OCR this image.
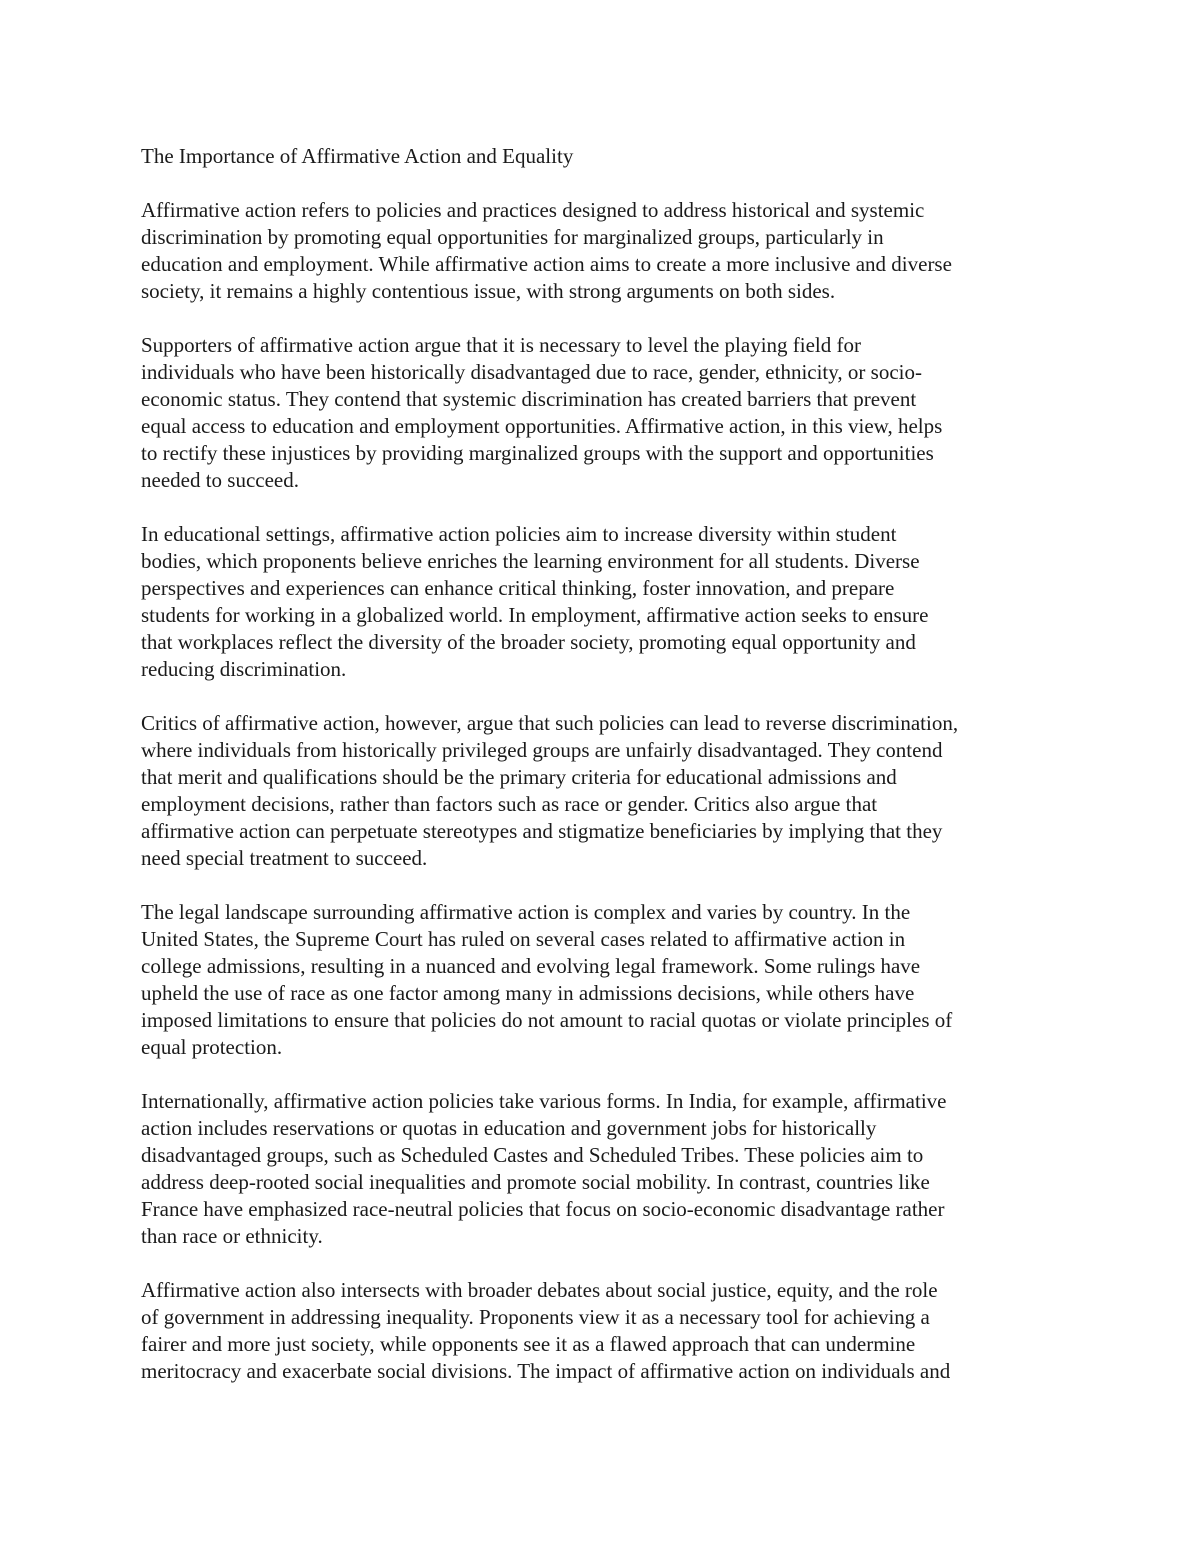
The Importance of Affirmative Action and Equality
Affirmative action refers to policies and practices designed to address historical and systemic
discrimination by promoting equal opportunities for marginalized groups, particularly in
education and employment. While affirmative action aims to create a more inclusive and diverse
society, it remains a highly contentious issue, with strong arguments on both sides.
Supporters of affirmative action argue that it is necessary to level the playing field for
individuals who have been historically disadvantaged due to race, gender, ethnicity, or socio-
economic status. They contend that systemic discrimination has created barriers that prevent
equal access to education and employment opportunities. Affirmative action, in this view, helps
to rectify these injustices by providing marginalized groups with the support and opportunities
needed to succeed.
In educational settings, affirmative action policies aim to increase diversity within student
bodies, which proponents believe enriches the learning environment for all students. Diverse
perspectives and experiences can enhance critical thinking, foster innovation, and prepare
students for working in a globalized world. In employment, affirmative action seeks to ensure
that workplaces reflect the diversity of the broader society, promoting equal opportunity and
reducing discrimination.
Critics of affirmative action, however, argue that such policies can lead to reverse discrimination,
where individuals from historically privileged groups are unfairly disadvantaged. They contend
that merit and qualifications should be the primary criteria for educational admissions and
employment decisions, rather than factors such as race or gender. Critics also argue that
affirmative action can perpetuate stereotypes and stigmatize beneficiaries by implying that they
need special treatment to succeed.
The legal landscape surrounding affirmative action is complex and varies by country. In the
United States, the Supreme Court has ruled on several cases related to affirmative action in
college admissions, resulting in a nuanced and evolving legal framework. Some rulings have
upheld the use of race as one factor among many in admissions decisions, while others have
imposed limitations to ensure that policies do not amount to racial quotas or violate principles of
equal protection.
Internationally, affirmative action policies take various forms. In India, for example, affirmative
action includes reservations or quotas in education and government jobs for historically
disadvantaged groups, such as Scheduled Castes and Scheduled Tribes. These policies aim to
address deep-rooted social inequalities and promote social mobility. In contrast, countries like
France have emphasized race-neutral policies that focus on socio-economic disadvantage rather
than race or ethnicity.
Affirmative action also intersects with broader debates about social justice, equity, and the role
of government in addressing inequality. Proponents view it as a necessary tool for achieving a
fairer and more just society, while opponents see it as a flawed approach that can undermine
meritocracy and exacerbate social divisions. The impact of affirmative action on individuals and
